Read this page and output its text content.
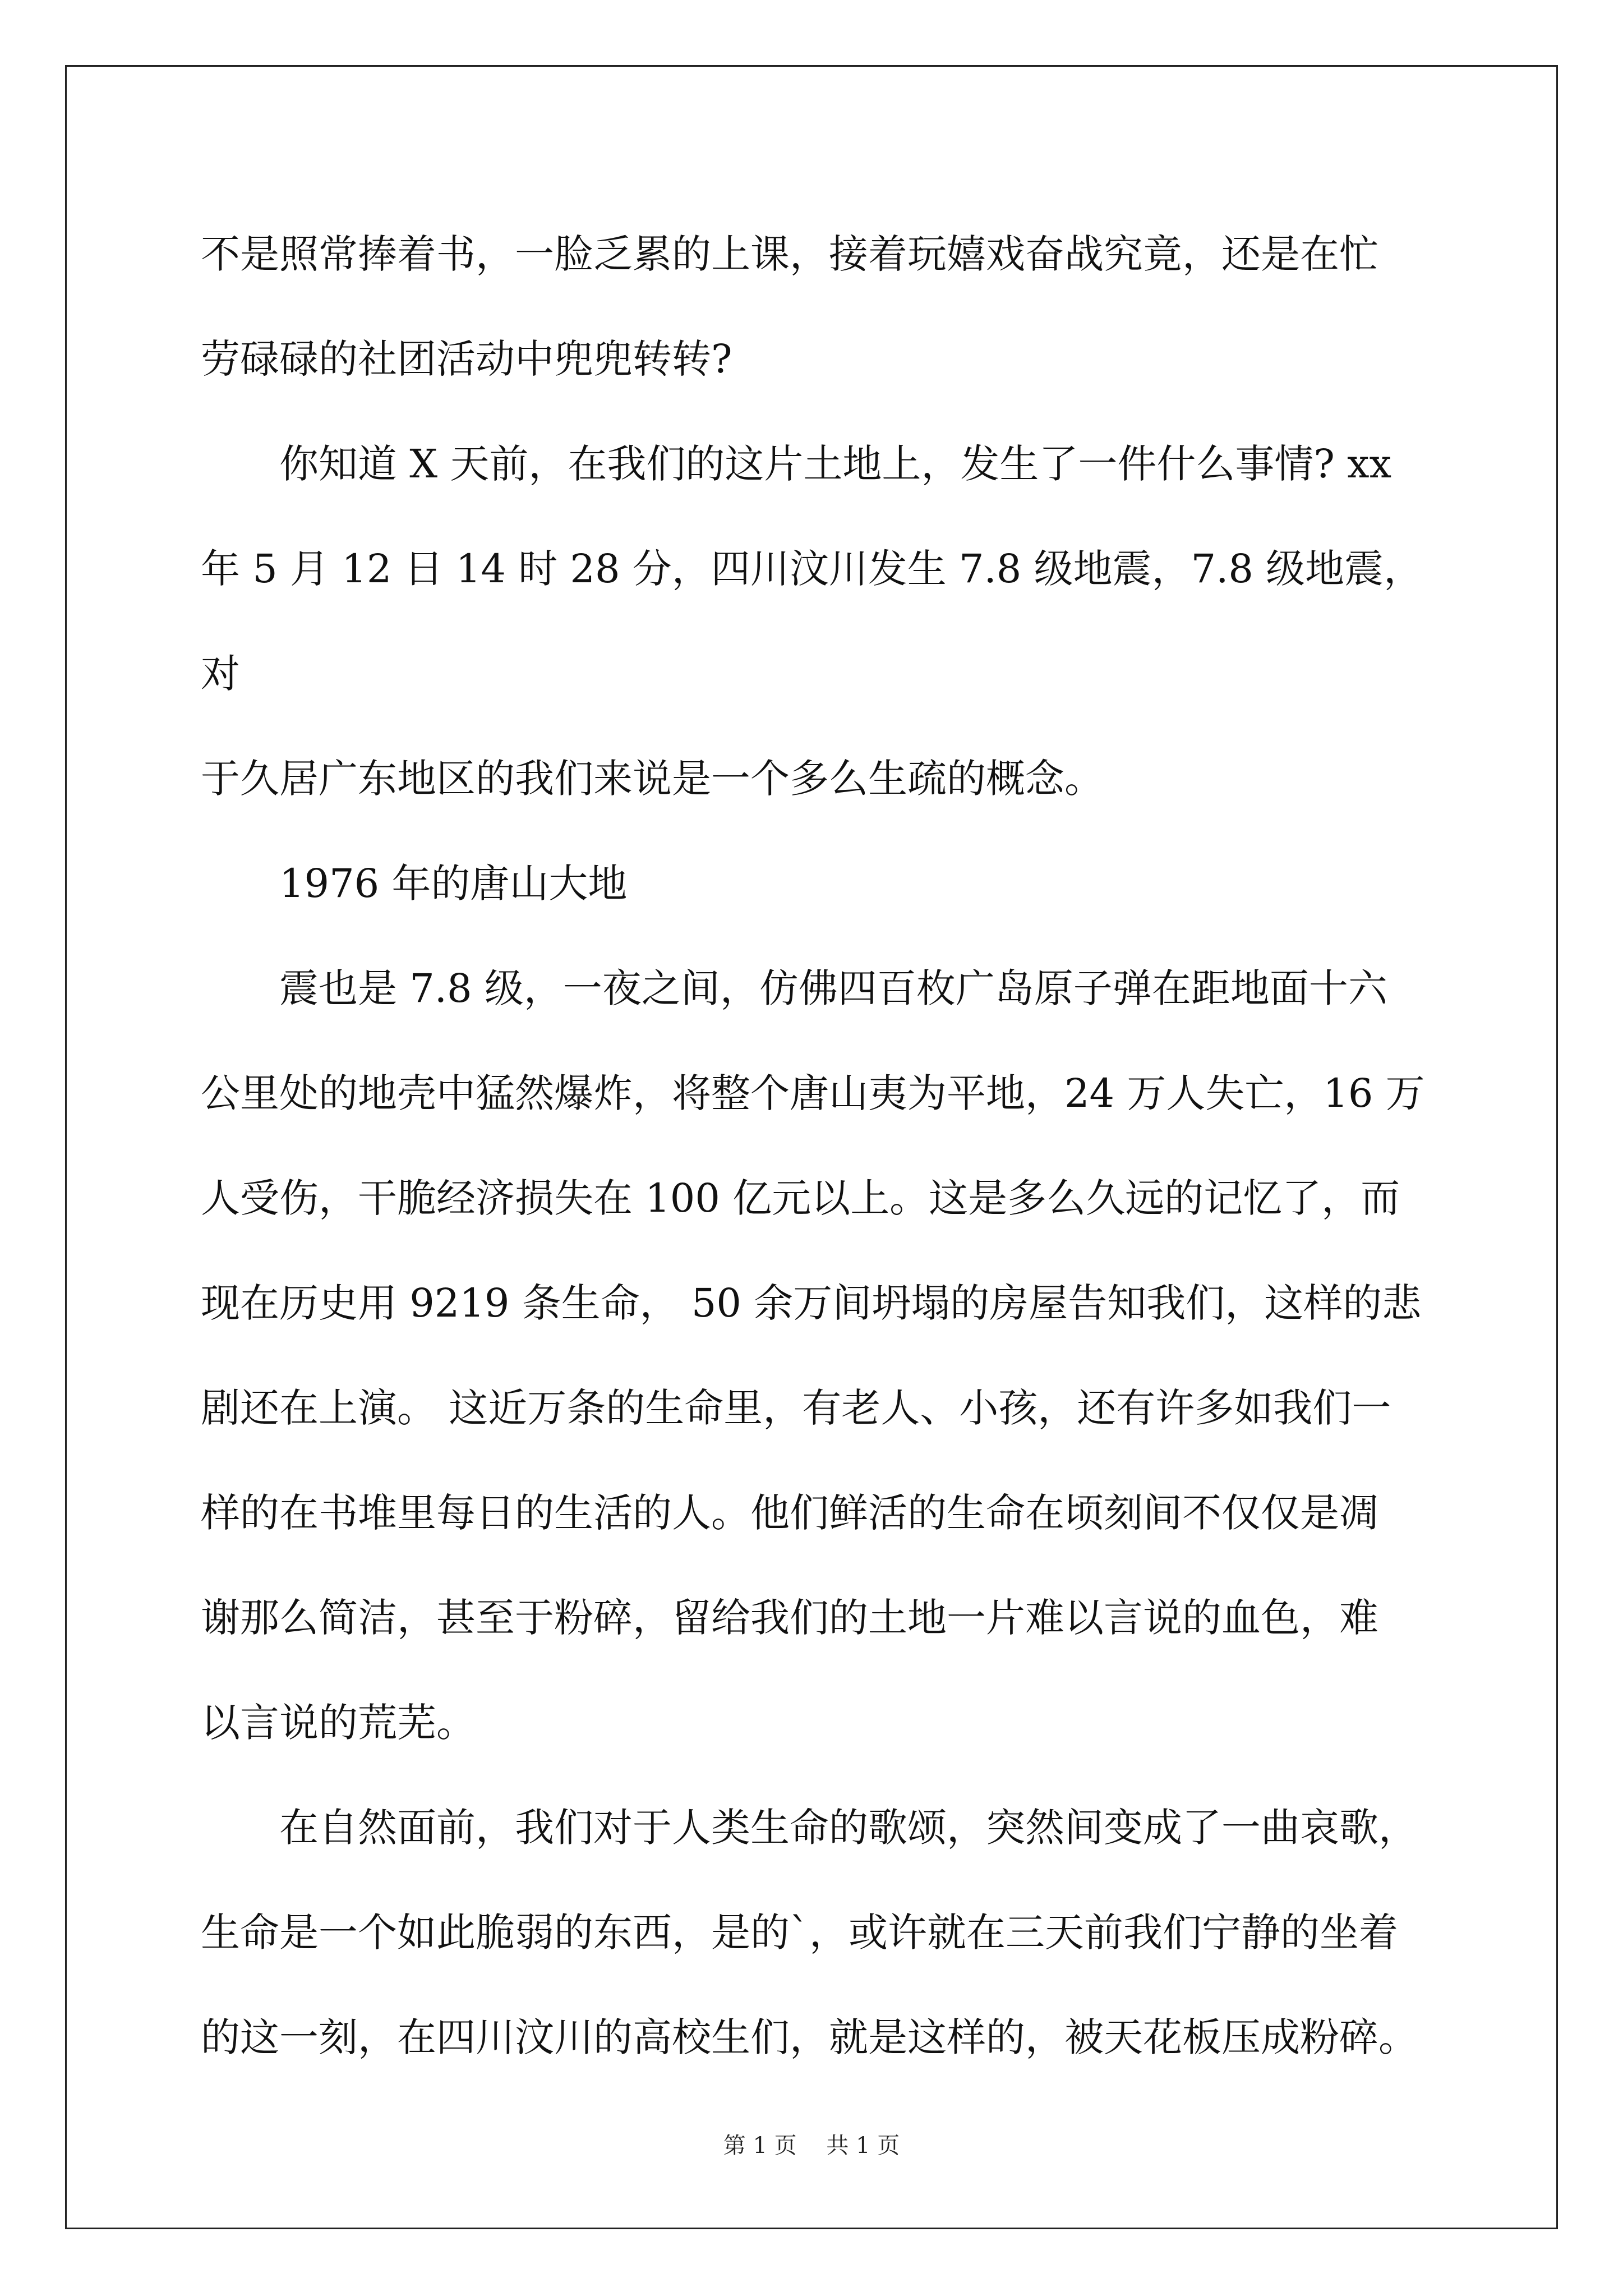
不是照常捧着书，一脸乏累的上课，接着玩嬉戏奋战究竟，还是在忙

劳碌碌的社团活动中兜兜转转?

你知道 X 天前，在我们的这片土地上，发生了一件什么事情? xx

年 5 月 12 日 14 时 28 分，四川汶川发生 7.8 级地震，7.8 级地震，对

于久居广东地区的我们来说是一个多么生疏的概念。

1976 年的唐山大地

震也是 7.8 级，一夜之间，仿佛四百枚广岛原子弹在距地面十六

公里处的地壳中猛然爆炸，将整个唐山夷为平地，24 万人失亡，16 万

人受伤，干脆经济损失在 100 亿元以上。这是多么久远的记忆了，而

现在历史用 9219 条生命， 50 余万间坍塌的房屋告知我们，这样的悲

剧还在上演。 这近万条的生命里，有老人、小孩，还有许多如我们一

样的在书堆里每日的生活的人。他们鲜活的生命在顷刻间不仅仅是凋

谢那么简洁，甚至于粉碎，留给我们的土地一片难以言说的血色，难

以言说的荒芜。

在自然面前，我们对于人类生命的歌颂，突然间变成了一曲哀歌，

生命是一个如此脆弱的东西，是的`，或许就在三天前我们宁静的坐着

的这一刻，在四川汶川的高校生们，就是这样的，被天花板压成粉碎。

第 1 页 共 1 页
